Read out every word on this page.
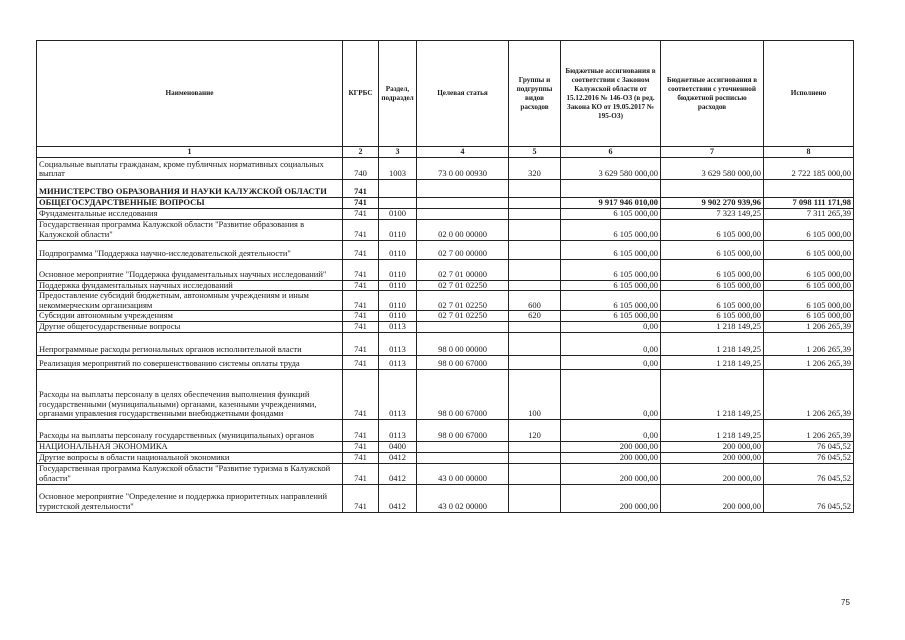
Наименование	КГРБС	Раздел, подраздел	Целевая статья	Группы и подгруппы видов расходов	Бюджетные ассигнования в соответствии с Законом Калужской области от 15.12.2016 № 146-ОЗ (в ред. Закона КО от 19.05.2017 № 195-ОЗ)	Бюджетные ассигнования в соответствии с уточненной бюджетной росписью расходов	Исполнено
1	2	3	4	5	6	7	8
Социальные выплаты гражданам, кроме публичных нормативных социальных выплат	740	1003	73 0 00 00930	320	3 629 580 000,00	3 629 580 000,00	2 722 185 000,00
МИНИСТЕРСТВО ОБРАЗОВАНИЯ И НАУКИ КАЛУЖСКОЙ ОБЛАСТИ	741						
ОБЩЕГОСУДАРСТВЕННЫЕ ВОПРОСЫ	741				9 917 946 010,00	9 902 270 939,96	7 098 111 171,98
Фундаментальные исследования	741	0100			6 105 000,00	7 323 149,25	7 311 265,39
Государственная программа Калужской области "Развитие образования в Калужской области"	741	0110	02 0 00 00000		6 105 000,00	6 105 000,00	6 105 000,00
Подпрограмма "Поддержка научно-исследовательской деятельности"	741	0110	02 7 00 00000		6 105 000,00	6 105 000,00	6 105 000,00
Основное мероприятие "Поддержка фундаментальных научных исследований"	741	0110	02 7 01 00000		6 105 000,00	6 105 000,00	6 105 000,00
Поддержка фундаментальных научных исследований	741	0110	02 7 01 02250		6 105 000,00	6 105 000,00	6 105 000,00
Предоставление субсидий бюджетным, автономным учреждениям и иным некоммерческим организациям	741	0110	02 7 01 02250	600	6 105 000,00	6 105 000,00	6 105 000,00
Субсидии автономным учреждениям	741	0110	02 7 01 02250	620	6 105 000,00	6 105 000,00	6 105 000,00
Другие общегосударственные вопросы	741	0113			0,00	1 218 149,25	1 206 265,39
Непрограммные расходы региональных органов исполнительной власти	741	0113	98 0 00 00000		0,00	1 218 149,25	1 206 265,39
Реализация мероприятий по совершенствованию системы оплаты труда	741	0113	98 0 00 67000		0,00	1 218 149,25	1 206 265,39
Расходы на выплаты персоналу в целях обеспечения выполнения функций государственными (муниципальными) органами, казенными учреждениями, органами управления государственными внебюджетными фондами	741	0113	98 0 00 67000	100	0,00	1 218 149,25	1 206 265,39
Расходы на выплаты персоналу государственных (муниципальных) органов	741	0113	98 0 00 67000	120	0,00	1 218 149,25	1 206 265,39
НАЦИОНАЛЬНАЯ ЭКОНОМИКА	741	0400			200 000,00	200 000,00	76 045,52
Другие вопросы в области национальной экономики	741	0412			200 000,00	200 000,00	76 045,52
Государственная программа Калужской области "Развитие туризма в Калужской области"	741	0412	43 0 00 00000		200 000,00	200 000,00	76 045,52
Основное мероприятие "Определение и поддержка приоритетных направлений туристской деятельности"	741	0412	43 0 02 00000		200 000,00	200 000,00	76 045,52
75
